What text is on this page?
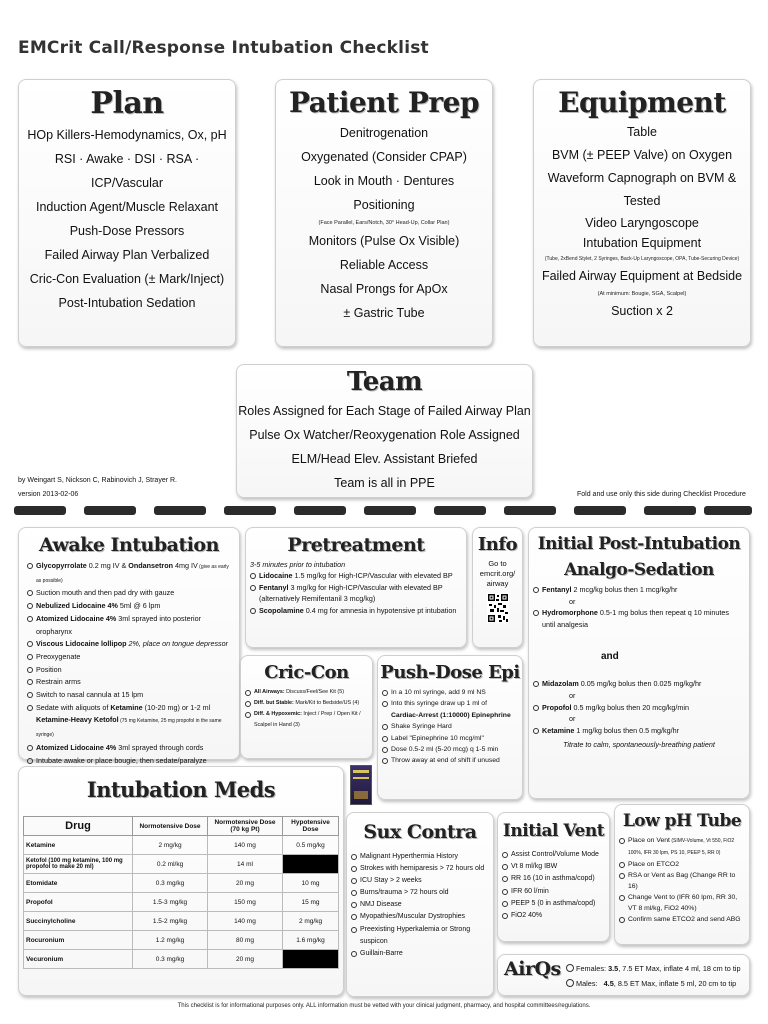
EMCrit Call/Response Intubation Checklist
Plan
HOp Killers-Hemodynamics, Ox, pH
RSI · Awake · DSI · RSA · ICP/Vascular
Induction Agent/Muscle Relaxant
Push-Dose Pressors
Failed Airway Plan Verbalized
Cric-Con Evaluation (± Mark/Inject)
Post-Intubation Sedation
Patient Prep
Denitrogenation
Oxygenated (Consider CPAP)
Look in Mouth · Dentures
Positioning
(Face Parallel, Ears/Notch, 30° Head-Up, Collar Plan)
Monitors (Pulse Ox Visible)
Reliable Access
Nasal Prongs for ApOx
± Gastric Tube
Equipment
Table
BVM (± PEEP Valve) on Oxygen
Waveform Capnograph on BVM & Tested
Video Laryngoscope
Intubation Equipment
(Tube, 2xBend Stylet, 2 Syringes, Back-Up Laryngoscope, OPA, Tube-Securing Device)
Failed Airway Equipment at Bedside
(At minimum: Bougie, SGA, Scalpel)
Suction x 2
Team
Roles Assigned for Each Stage of Failed Airway Plan
Pulse Ox Watcher/Reoxygenation Role Assigned
ELM/Head Elev. Assistant Briefed
Team is all in PPE
by Weingart S, Nickson C, Rabinovich J, Strayer R.
version 2013-02-06	Fold and use only this side during Checklist Procedure
Awake Intubation
Glycopyrrolate 0.2 mg IV & Ondansetron 4mg IV (give as early as possible)
Suction mouth and then pad dry with gauze
Nebulized Lidocaine 4% 5ml @ 6 lpm
Atomized Lidocaine 4% 3ml sprayed into posterior oropharynx
Viscous Lidocaine lollipop 2%, place on tongue depressor
Preoxygenate
Position
Restrain arms
Switch to nasal cannula at 15 lpm
Sedate with aliquots of Ketamine (10-20 mg) or 1-2 ml Ketamine-Heavy Ketofol (75 mg Ketamine, 25 mg propofol in the same syringe)
Atomized Lidocaine 4% 3ml sprayed through cords
Intubate awake or place bougie, then sedate/paralyze
Pretreatment
3-5 minutes prior to intubation
Lidocaine 1.5 mg/kg for High-ICP/Vascular with elevated BP
Fentanyl 3 mg/kg for High-ICP/Vascular with elevated BP (alternatively Remifentanil 3 mcg/kg)
Scopolamine 0.4 mg for amnesia in hypotensive pt intubation
Info
Go to
emcrit.org/
airway
Initial Post-Intubation
Analgo-Sedation
Fentanyl 2 mcg/kg bolus then 1 mcg/kg/hr
or
Hydromorphone 0.5-1 mg bolus then repeat q 10 minutes until analgesia
and
Midazolam 0.05 mg/kg bolus then 0.025 mg/kg/hr
or
Propofol 0.5 mg/kg bolus then 20 mcg/kg/min
or
Ketamine 1 mg/kg bolus then 0.5 mg/kg/hr
Titrate to calm, spontaneously-breathing patient
Cric-Con
All Airways: Discuss/Feel/See Kit (5)
Diff. but Stable: Mark/Kit to Bedside/US (4)
Diff. & Hypoxemic: Inject / Prep / Open Kit / Scalpel in Hand (3)
Push-Dose Epi
In a 10 ml syringe, add 9 ml NS
Into this syringe draw up 1 ml of
Cardiac-Arrest (1:10000) Epinephrine
Shake Syringe Hard
Label "Epinephrine 10 mcg/ml"
Dose 0.5-2 ml (5-20 mcg) q 1-5 min
Throw away at end of shift if unused
Intubation Meds
Drug	Normotensive Dose	Normotensive Dose (70 kg Pt)	Hypotensive Dose
Ketamine	2 mg/kg	140 mg	0.5 mg/kg
Ketofol (100 mg ketamine, 100 mg propofol to make 20 ml)	0.2 ml/kg	14 ml	
Etomidate	0.3 mg/kg	20 mg	10 mg
Propofol	1.5-3 mg/kg	150 mg	15 mg
Succinylcholine	1.5-2 mg/kg	140 mg	2 mg/kg
Rocuronium	1.2 mg/kg	80 mg	1.6 mg/kg
Vecuronium	0.3 mg/kg	20 mg	
Sux Contra
Malignant Hyperthermia History
Strokes with hemiparesis > 72 hours old
ICU Stay > 2 weeks
Burns/trauma > 72 hours old
NMJ Disease
Myopathies/Muscular Dystrophies
Preexisting Hyperkalemia or Strong suspicon
Guillain-Barre
Initial Vent
Assist Control/Volume Mode
Vt 8 ml/kg IBW
RR 16 (10 in asthma/copd)
IFR 60 l/min
PEEP 5 (0 in asthma/copd)
FiO2 40%
Low pH Tube
Place on Vent (SIMV-Volume, Vt 550, FiO2 100%, IFR 30 lpm, PS 10, PEEP 5, RR 0)
Place on ETCO2
RSA or Vent as Bag (Change RR to 16)
Change Vent to (IFR 60 lpm, RR 30, VT 8 ml/kg, FiO2 40%)
Confirm same ETCO2 and send ABG
AirQs	Females: 3.5, 7.5 ET Max, inflate 4 ml, 18 cm to tip
Males: 4.5, 8.5 ET Max, inflate 5 ml, 20 cm to tip
This checklist is for informational purposes only. ALL information must be vetted with your clinical judgment, pharmacy, and hospital committees/regulations.
